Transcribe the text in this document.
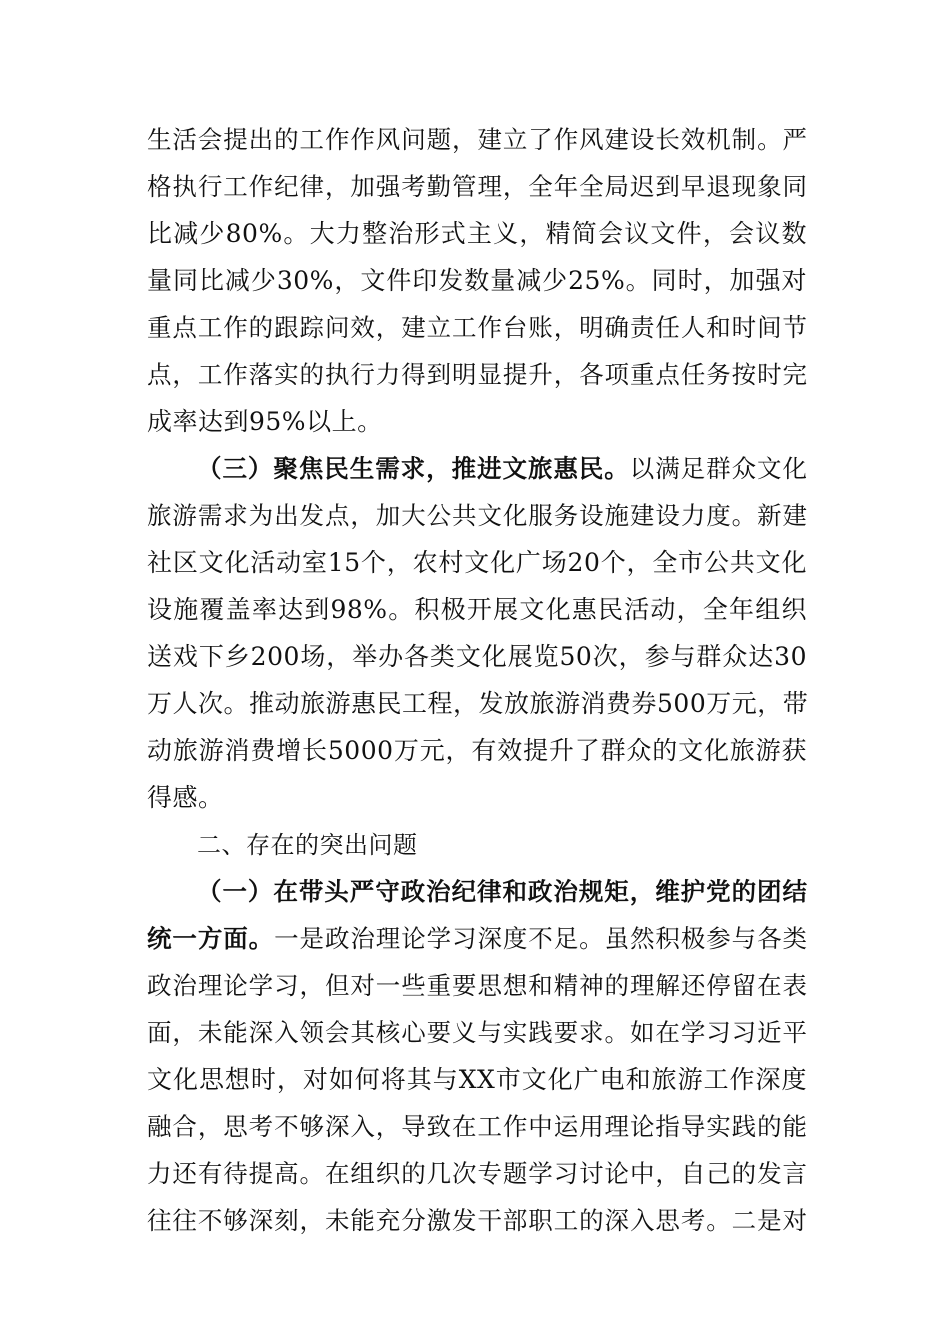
生活会提出的工作作风问题，建立了作风建设长效机制。严
格执行工作纪律，加强考勤管理，全年全局迟到早退现象同
比减少80%。大力整治形式主义，精简会议文件，会议数
量同比减少30%，文件印发数量减少25%。同时，加强对
重点工作的跟踪问效，建立工作台账，明确责任人和时间节
点，工作落实的执行力得到明显提升，各项重点任务按时完
成率达到95%以上。
（三）聚焦民生需求，推进文旅惠民。以满足群众文化
旅游需求为出发点，加大公共文化服务设施建设力度。新建
社区文化活动室15个，农村文化广场20个，全市公共文化
设施覆盖率达到98%。积极开展文化惠民活动，全年组织
送戏下乡200场，举办各类文化展览50次，参与群众达30
万人次。推动旅游惠民工程，发放旅游消费券500万元，带
动旅游消费增长5000万元，有效提升了群众的文化旅游获
得感。
二、存在的突出问题
（一）在带头严守政治纪律和政治规矩，维护党的团结
统一方面。一是政治理论学习深度不足。虽然积极参与各类
政治理论学习，但对一些重要思想和精神的理解还停留在表
面，未能深入领会其核心要义与实践要求。如在学习习近平
文化思想时，对如何将其与XX市文化广电和旅游工作深度
融合，思考不够深入，导致在工作中运用理论指导实践的能
力还有待提高。在组织的几次专题学习讨论中，自己的发言
往往不够深刻，未能充分激发干部职工的深入思考。二是对
